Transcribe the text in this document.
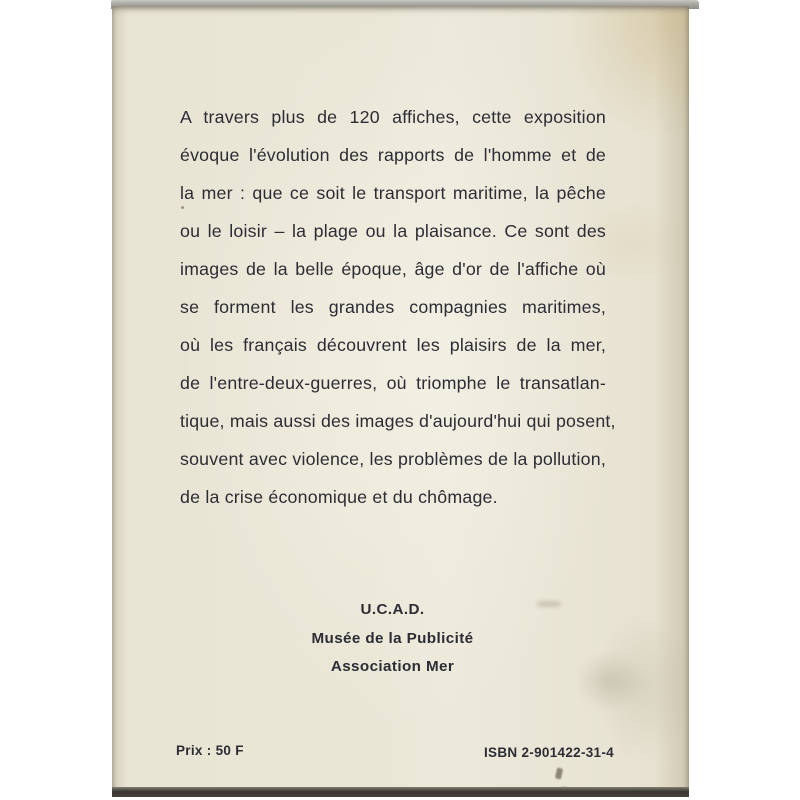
A travers plus de 120 affiches, cette exposition
évoque l'évolution des rapports de l'homme et de
la mer : que ce soit le transport maritime, la pêche
ou le loisir – la plage ou la plaisance. Ce sont des
images de la belle époque, âge d'or de l'affiche où
se forment les grandes compagnies maritimes,
où les français découvrent les plaisirs de la mer,
de l'entre-deux-guerres, où triomphe le transatlan-
tique, mais aussi des images d'aujourd'hui qui posent,
souvent avec violence, les problèmes de la pollution,
de la crise économique et du chômage.
U.C.A.D.
Musée de la Publicité
Association Mer
Prix : 50 F	ISBN 2-901422-31-4
